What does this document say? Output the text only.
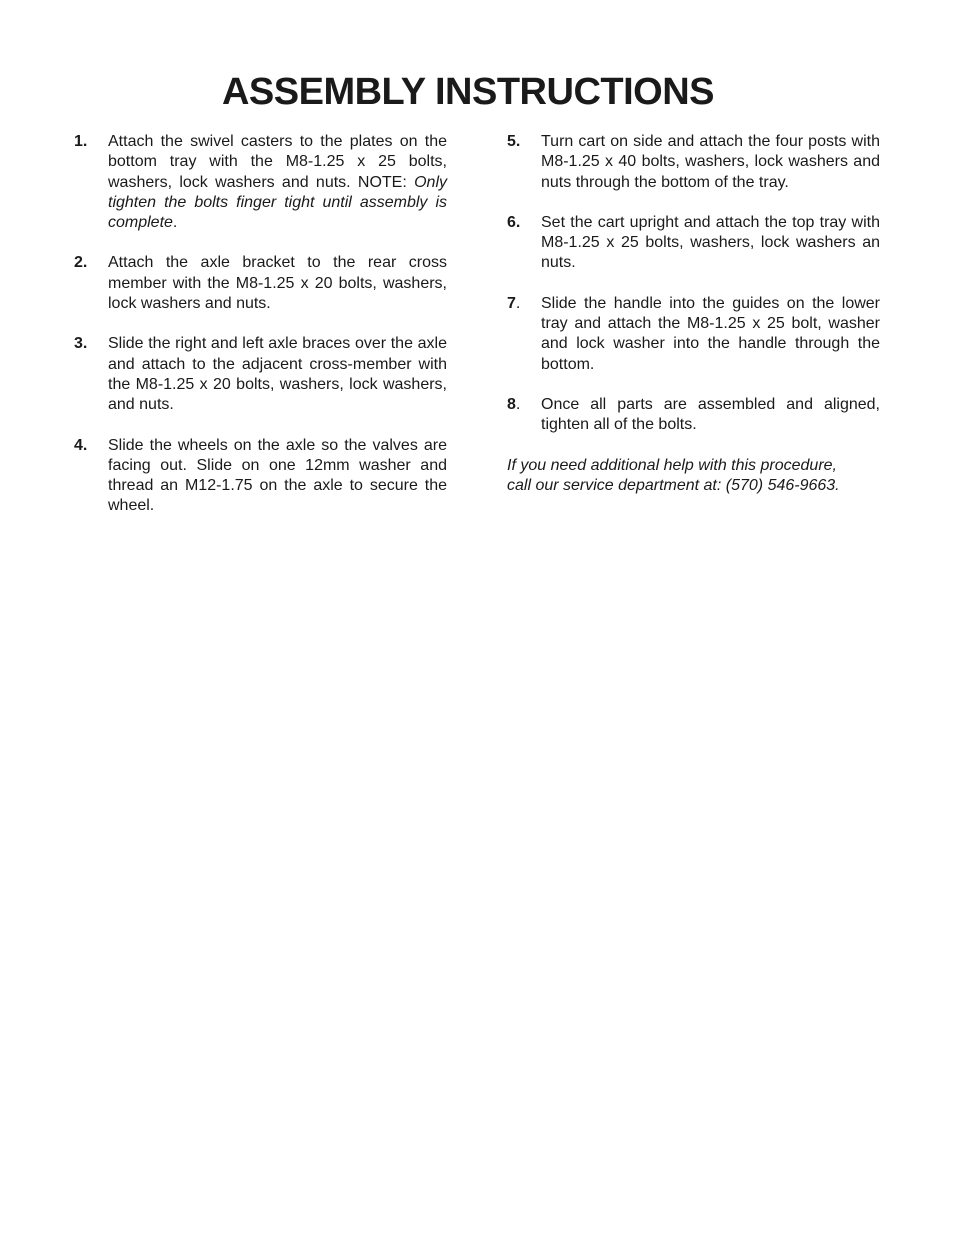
ASSEMBLY INSTRUCTIONS
1. Attach the swivel casters to the plates on the bottom tray with the M8-1.25 x 25 bolts, washers, lock washers and nuts. NOTE: Only tighten the bolts finger tight until assembly is complete.
2. Attach the axle bracket to the rear cross member with the M8-1.25 x 20 bolts, washers, lock washers and nuts.
3. Slide the right and left axle braces over the axle and attach to the adjacent cross-member with the M8-1.25 x 20 bolts, washers, lock washers, and nuts.
4. Slide the wheels on the axle so the valves are facing out. Slide on one 12mm washer and thread an M12-1.75 on the axle to secure the wheel.
5. Turn cart on side and attach the four posts with M8-1.25 x 40 bolts, washers, lock washers and nuts through the bottom of the tray.
6. Set the cart upright and attach the top tray with M8-1.25 x 25 bolts, washers, lock washers an nuts.
7. Slide the handle into the guides on the lower tray and attach the M8-1.25 x 25 bolt, washer and lock washer into the handle through the bottom.
8. Once all parts are assembled and aligned, tighten all of the bolts.

If you need additional help with this procedure,
call our service department at: (570) 546-9663.
